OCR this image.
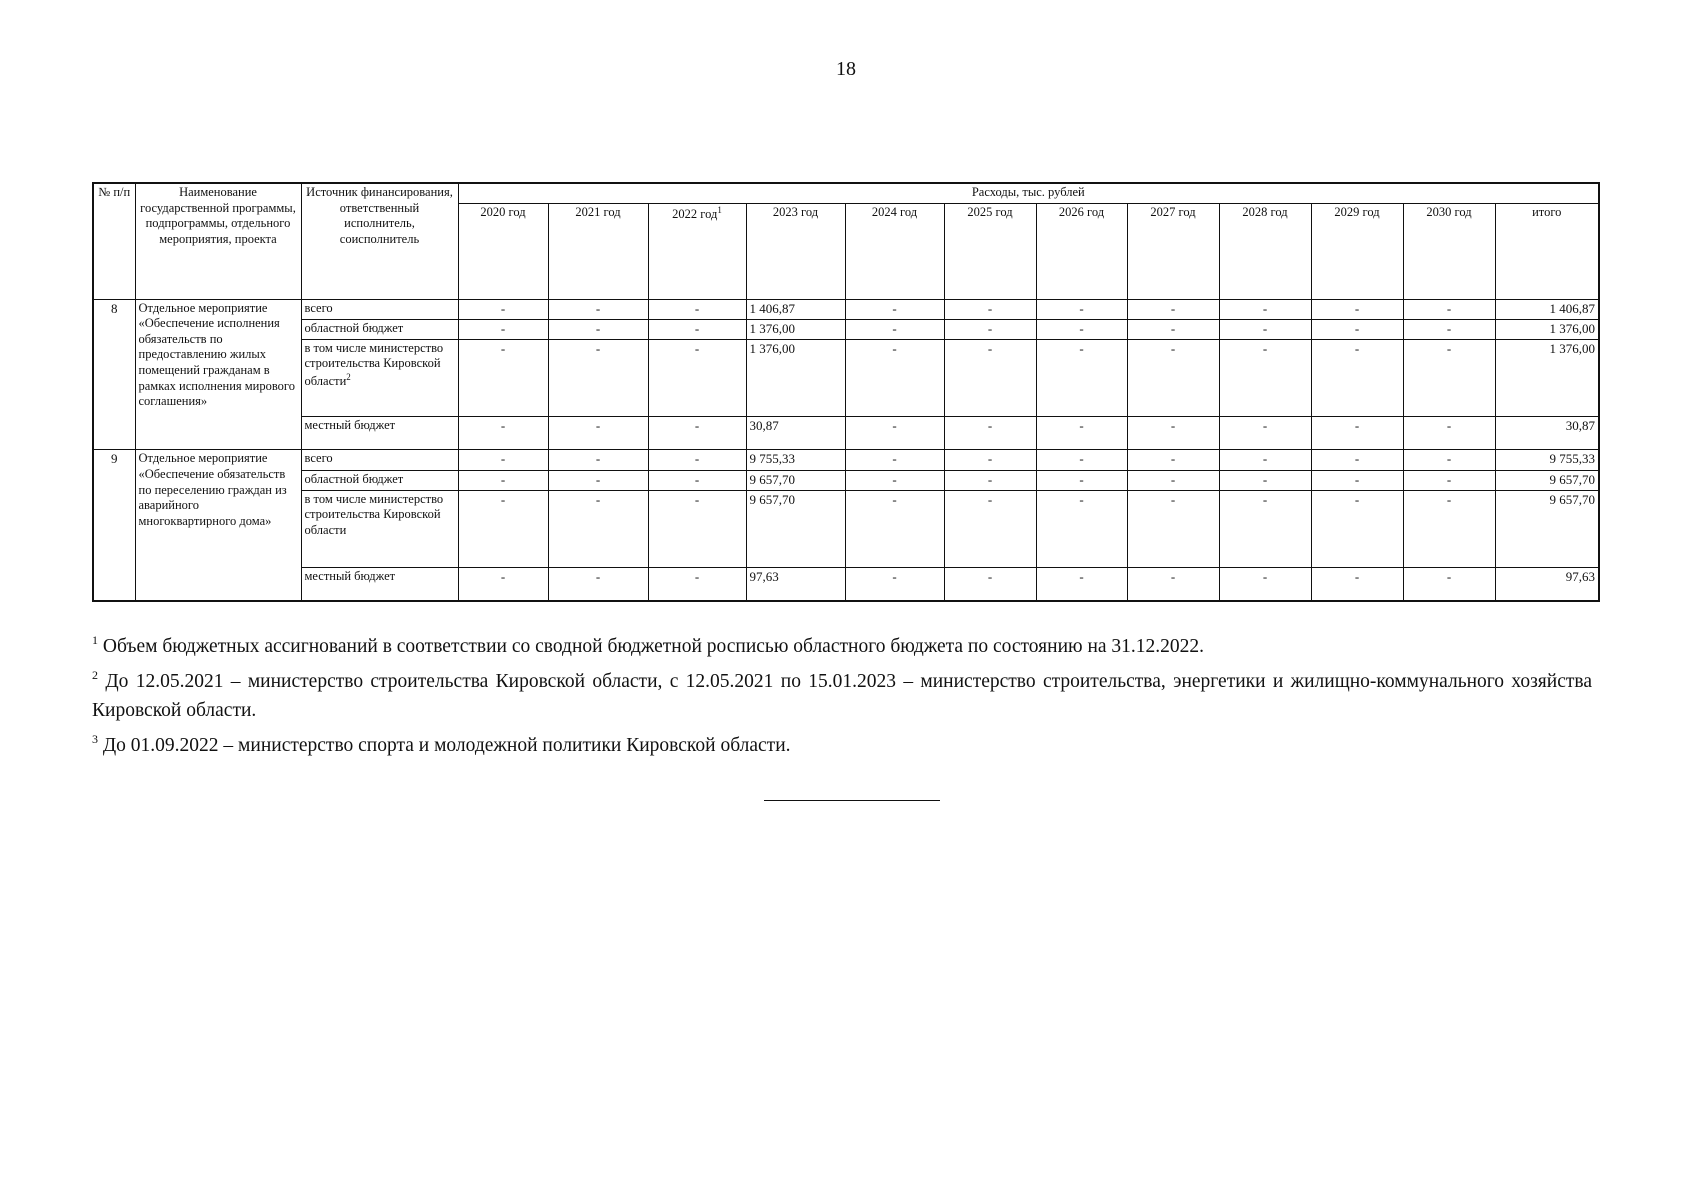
18
№ п/п	Наименование государственной программы, подпрограммы, отдельного мероприятия, проекта	Источник финансирования, ответственный исполнитель, соисполнитель	Расходы, тыс. рублей											
			2020 год	2021 год	2022 год$^1$	2023 год	2024 год	2025 год	2026 год	2027 год	2028 год	2029 год	2030 год	итого
8	Отдельное мероприятие «Обеспечение исполнения обязательств по предоставлению жилых помещений гражданам в рамках исполнения мирового соглашения»	всего	-	-	-	1 406,87	-	-	-	-	-	-	-	1 406,87
		областной бюджет	-	-	-	1 376,00	-	-	-	-	-	-	-	1 376,00
		в том числе министерство строительства Кировской области$^2$	-	-	-	1 376,00	-	-	-	-	-	-	-	1 376,00
		местный бюджет	-	-	-	30,87	-	-	-	-	-	-	-	30,87
9	Отдельное мероприятие «Обеспечение обязательств по переселению граждан из аварийного многоквартирного дома»	всего	-	-	-	9 755,33	-	-	-	-	-	-	-	9 755,33
		областной бюджет	-	-	-	9 657,70	-	-	-	-	-	-	-	9 657,70
		в том числе министерство строительства Кировской области	-	-	-	9 657,70	-	-	-	-	-	-	-	9 657,70
		местный бюджет	-	-	-	97,63	-	-	-	-	-	-	-	97,63

$^1$ Объем бюджетных ассигнований в соответствии со сводной бюджетной росписью областного бюджета по состоянию на 31.12.2022.

$^2$ До 12.05.2021 – министерство строительства Кировской области, с 12.05.2021 по 15.01.2023 – министерство строительства, энергетики и жилищно-коммунального хозяйства Кировской области.

$^3$ До 01.09.2022 – министерство спорта и молодежной политики Кировской области.
